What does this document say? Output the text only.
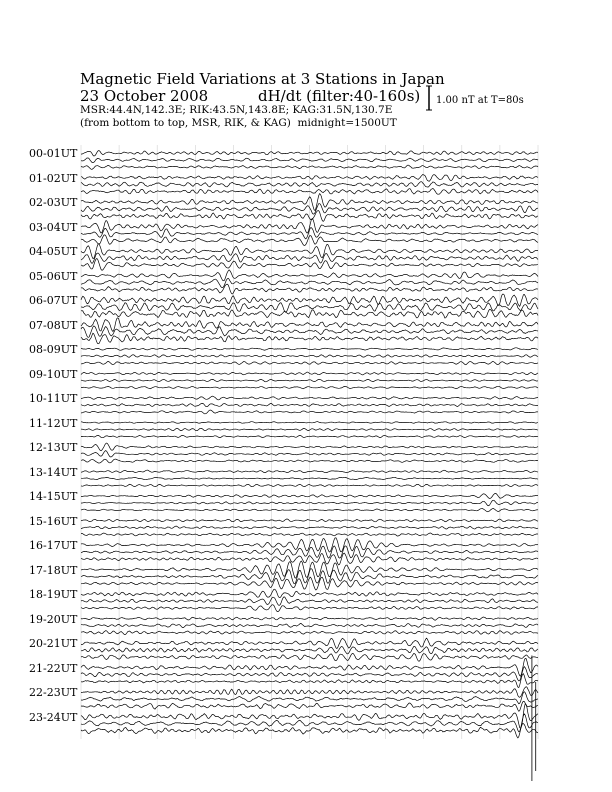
Magnetic Field Variations at 3 Stations in Japan
23 October 2008	dH/dt (filter:40-160s)
MSR:44.4N,142.3E; RIK:43.5N,143.8E; KAG:31.5N,130.7E
(from bottom to top, MSR, RIK, & KAG) midnight=1500UT
1.00 nT at T=80s
00-01UT
01-02UT
02-03UT
03-04UT
04-05UT
05-06UT
06-07UT
07-08UT
08-09UT
09-10UT
10-11UT
11-12UT
12-13UT
13-14UT
14-15UT
15-16UT
16-17UT
17-18UT
18-19UT
19-20UT
20-21UT
21-22UT
22-23UT
23-24UT
